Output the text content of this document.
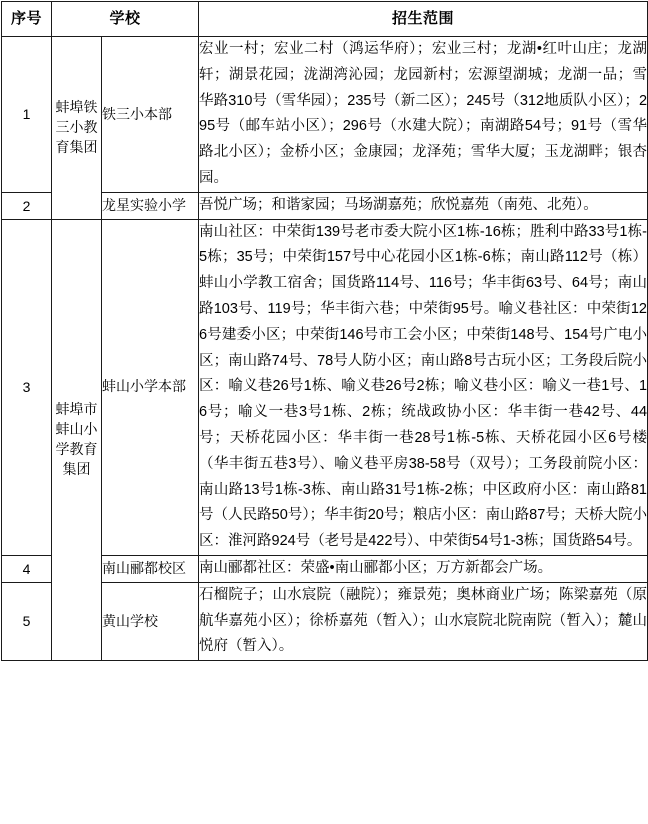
序号	学校		招生范围
1	蚌埠铁三小教育集团	铁三小本部	宏业一村；宏业二村（鸿运华府）；宏业三村；龙湖•红叶山庄；龙湖轩；湖景花园；泷湖湾沁园；龙园新村；宏源望湖城；龙湖一品；雪华路310号（雪华园）；235号（新二区）；245号（312地质队小区）；295号（邮车站小区）；296号（水建大院）；南湖路54号；91号（雪华路北小区）；金桥小区；金康园；龙泽苑；雪华大厦；玉龙湖畔；银杏园。
2		龙星实验小学	吾悦广场；和谐家园；马场湖嘉苑；欣悦嘉苑（南苑、北苑）。
3	蚌埠市蚌山小学教育集团	蚌山小学本部	南山社区：中荣街139号老市委大院小区1栋-16栋；胜利中路33号1栋-5栋；35号；中荣街157号中心花园小区1栋-6栋；南山路112号（栋）蚌山小学教工宿舍；国货路114号、116号；华丰街63号、64号；南山路103号、119号；华丰街六巷；中荣街95号。喻义巷社区：中荣街126号建委小区；中荣街146号市工会小区；中荣街148号、154号广电小区；南山路74号、78号人防小区；南山路8号古玩小区；工务段后院小区：喻义巷26号1栋、喻义巷26号2栋；喻义巷小区：喻义一巷1号、16号；喻义一巷3号1栋、2栋；统战政协小区：华丰街一巷42号、44号；天桥花园小区：华丰街一巷28号1栋-5栋、天桥花园小区6号楼（华丰街五巷3号）、喻义巷平房38-58号（双号）；工务段前院小区：南山路13号1栋-3栋、南山路31号1栋-2栋；中区政府小区：南山路81号（人民路50号）；华丰街20号；粮店小区：南山路87号；天桥大院小区：淮河路924号（老号是422号）、中荣街54号1-3栋；国货路54号。
4		南山郦都校区	南山郦都社区：荣盛•南山郦都小区；万方新都会广场。
5		黄山学校	石榴院子；山水宸院（融院）；雍景苑；奥林商业广场；陈梁嘉苑（原航华嘉苑小区）；徐桥嘉苑（暂入）；山水宸院北院南院（暂入）；麓山悦府（暂入）。
